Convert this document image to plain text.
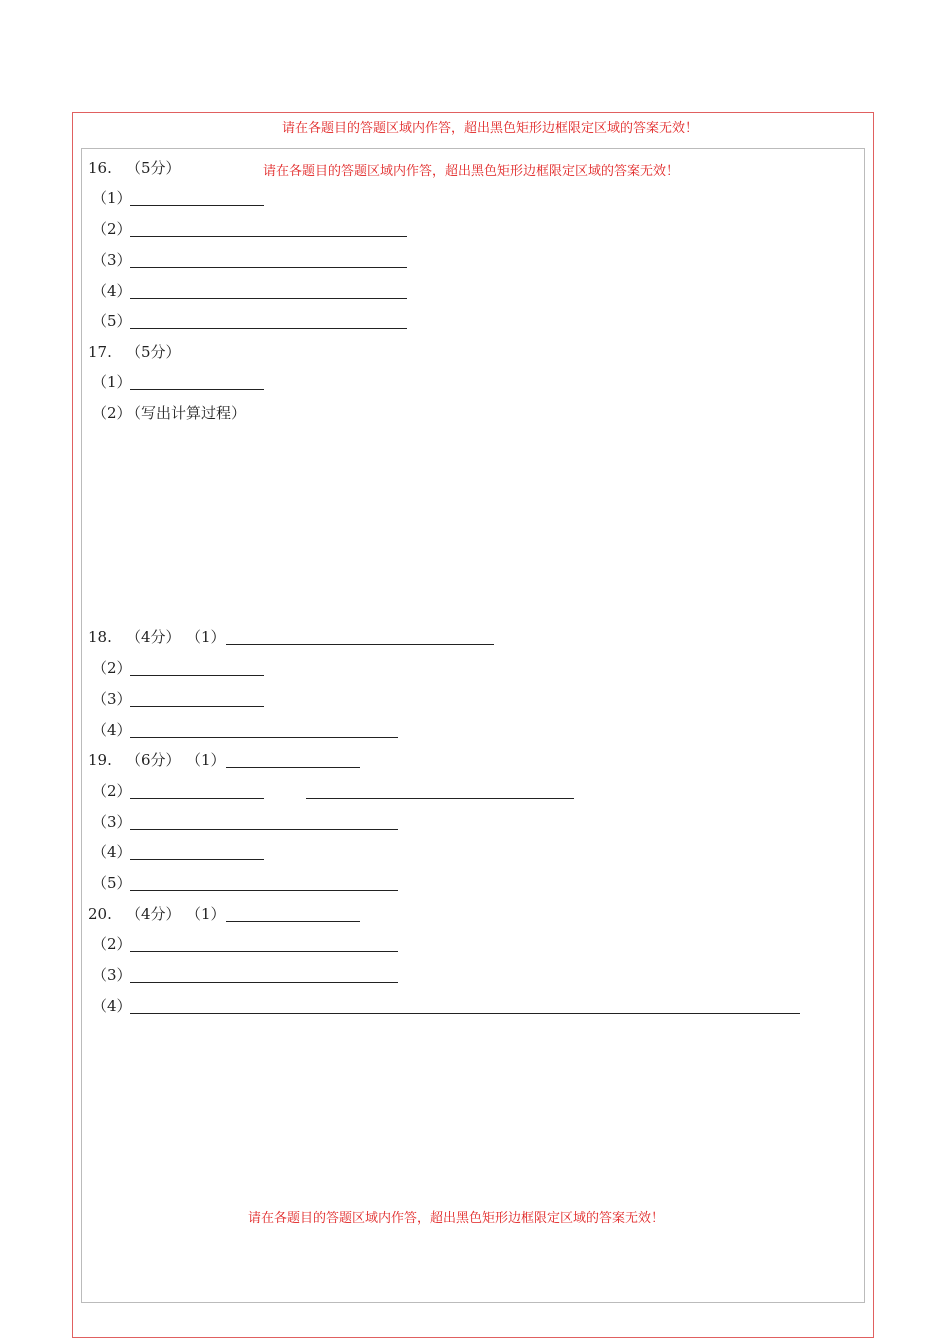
请在各题目的答题区域内作答，超出黑色矩形边框限定区域的答案无效！
请在各题目的答题区域内作答，超出黑色矩形边框限定区域的答案无效！
请在各题目的答题区域内作答，超出黑色矩形边框限定区域的答案无效！
16. （5分）
（1）
（2）
（3）
（4）
（5）
17. （5分）
（1）
（2）
（写出计算过程）
18. （4分） （1）
（2）
（3）
（4）
19. （6分） （1）
（2）
（3）
（4）
（5）
20. （4分） （1）
（2）
（3）
（4）
